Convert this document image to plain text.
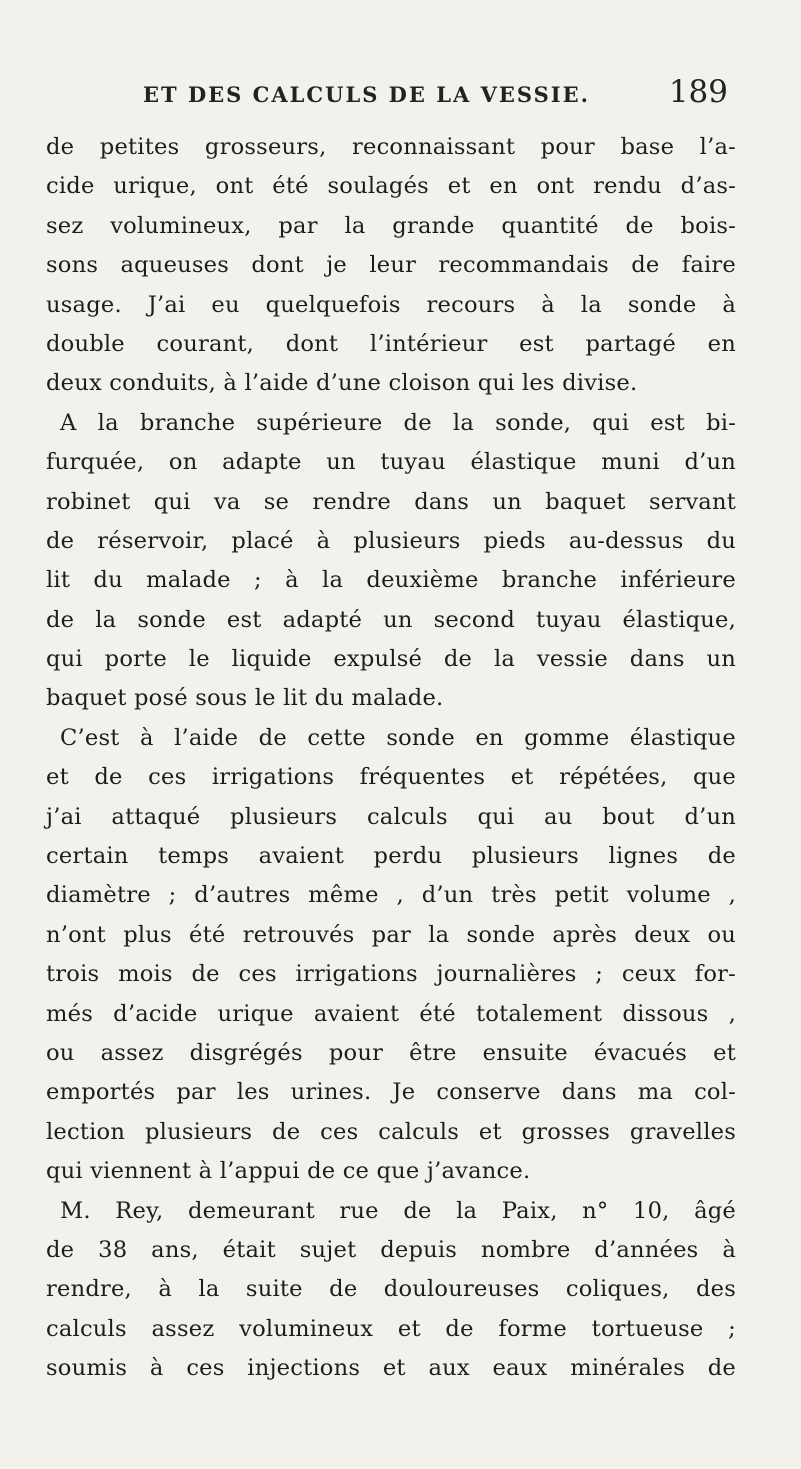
ET DES CALCULS DE LA VESSIE.	189
de petites grosseurs, reconnaissant pour base l’a-
cide urique, ont été soulagés et en ont rendu d’as-
sez volumineux, par la grande quantité de bois-
sons aqueuses dont je leur recommandais de faire
usage. J’ai eu quelquefois recours à la sonde à
double courant, dont l’intérieur est partagé en
deux conduits, à l’aide d’une cloison qui les divise.
A la branche supérieure de la sonde, qui est bi-
furquée, on adapte un tuyau élastique muni d’un
robinet qui va se rendre dans un baquet servant
de réservoir, placé à plusieurs pieds au-dessus du
lit du malade ; à la deuxième branche inférieure
de la sonde est adapté un second tuyau élastique,
qui porte le liquide expulsé de la vessie dans un
baquet posé sous le lit du malade.
C’est à l’aide de cette sonde en gomme élastique
et de ces irrigations fréquentes et répétées, que
j’ai attaqué plusieurs calculs qui au bout d’un
certain temps avaient perdu plusieurs lignes de
diamètre ; d’autres même , d’un très petit volume ,
n’ont plus été retrouvés par la sonde après deux ou
trois mois de ces irrigations journalières ; ceux for-
més d’acide urique avaient été totalement dissous ,
ou assez disgrégés pour être ensuite évacués et
emportés par les urines. Je conserve dans ma col-
lection plusieurs de ces calculs et grosses gravelles
qui viennent à l’appui de ce que j’avance.
M. Rey, demeurant rue de la Paix, n° 10, âgé
de 38 ans, était sujet depuis nombre d’années à
rendre, à la suite de douloureuses coliques, des
calculs assez volumineux et de forme tortueuse ;
soumis à ces injections et aux eaux minérales de
